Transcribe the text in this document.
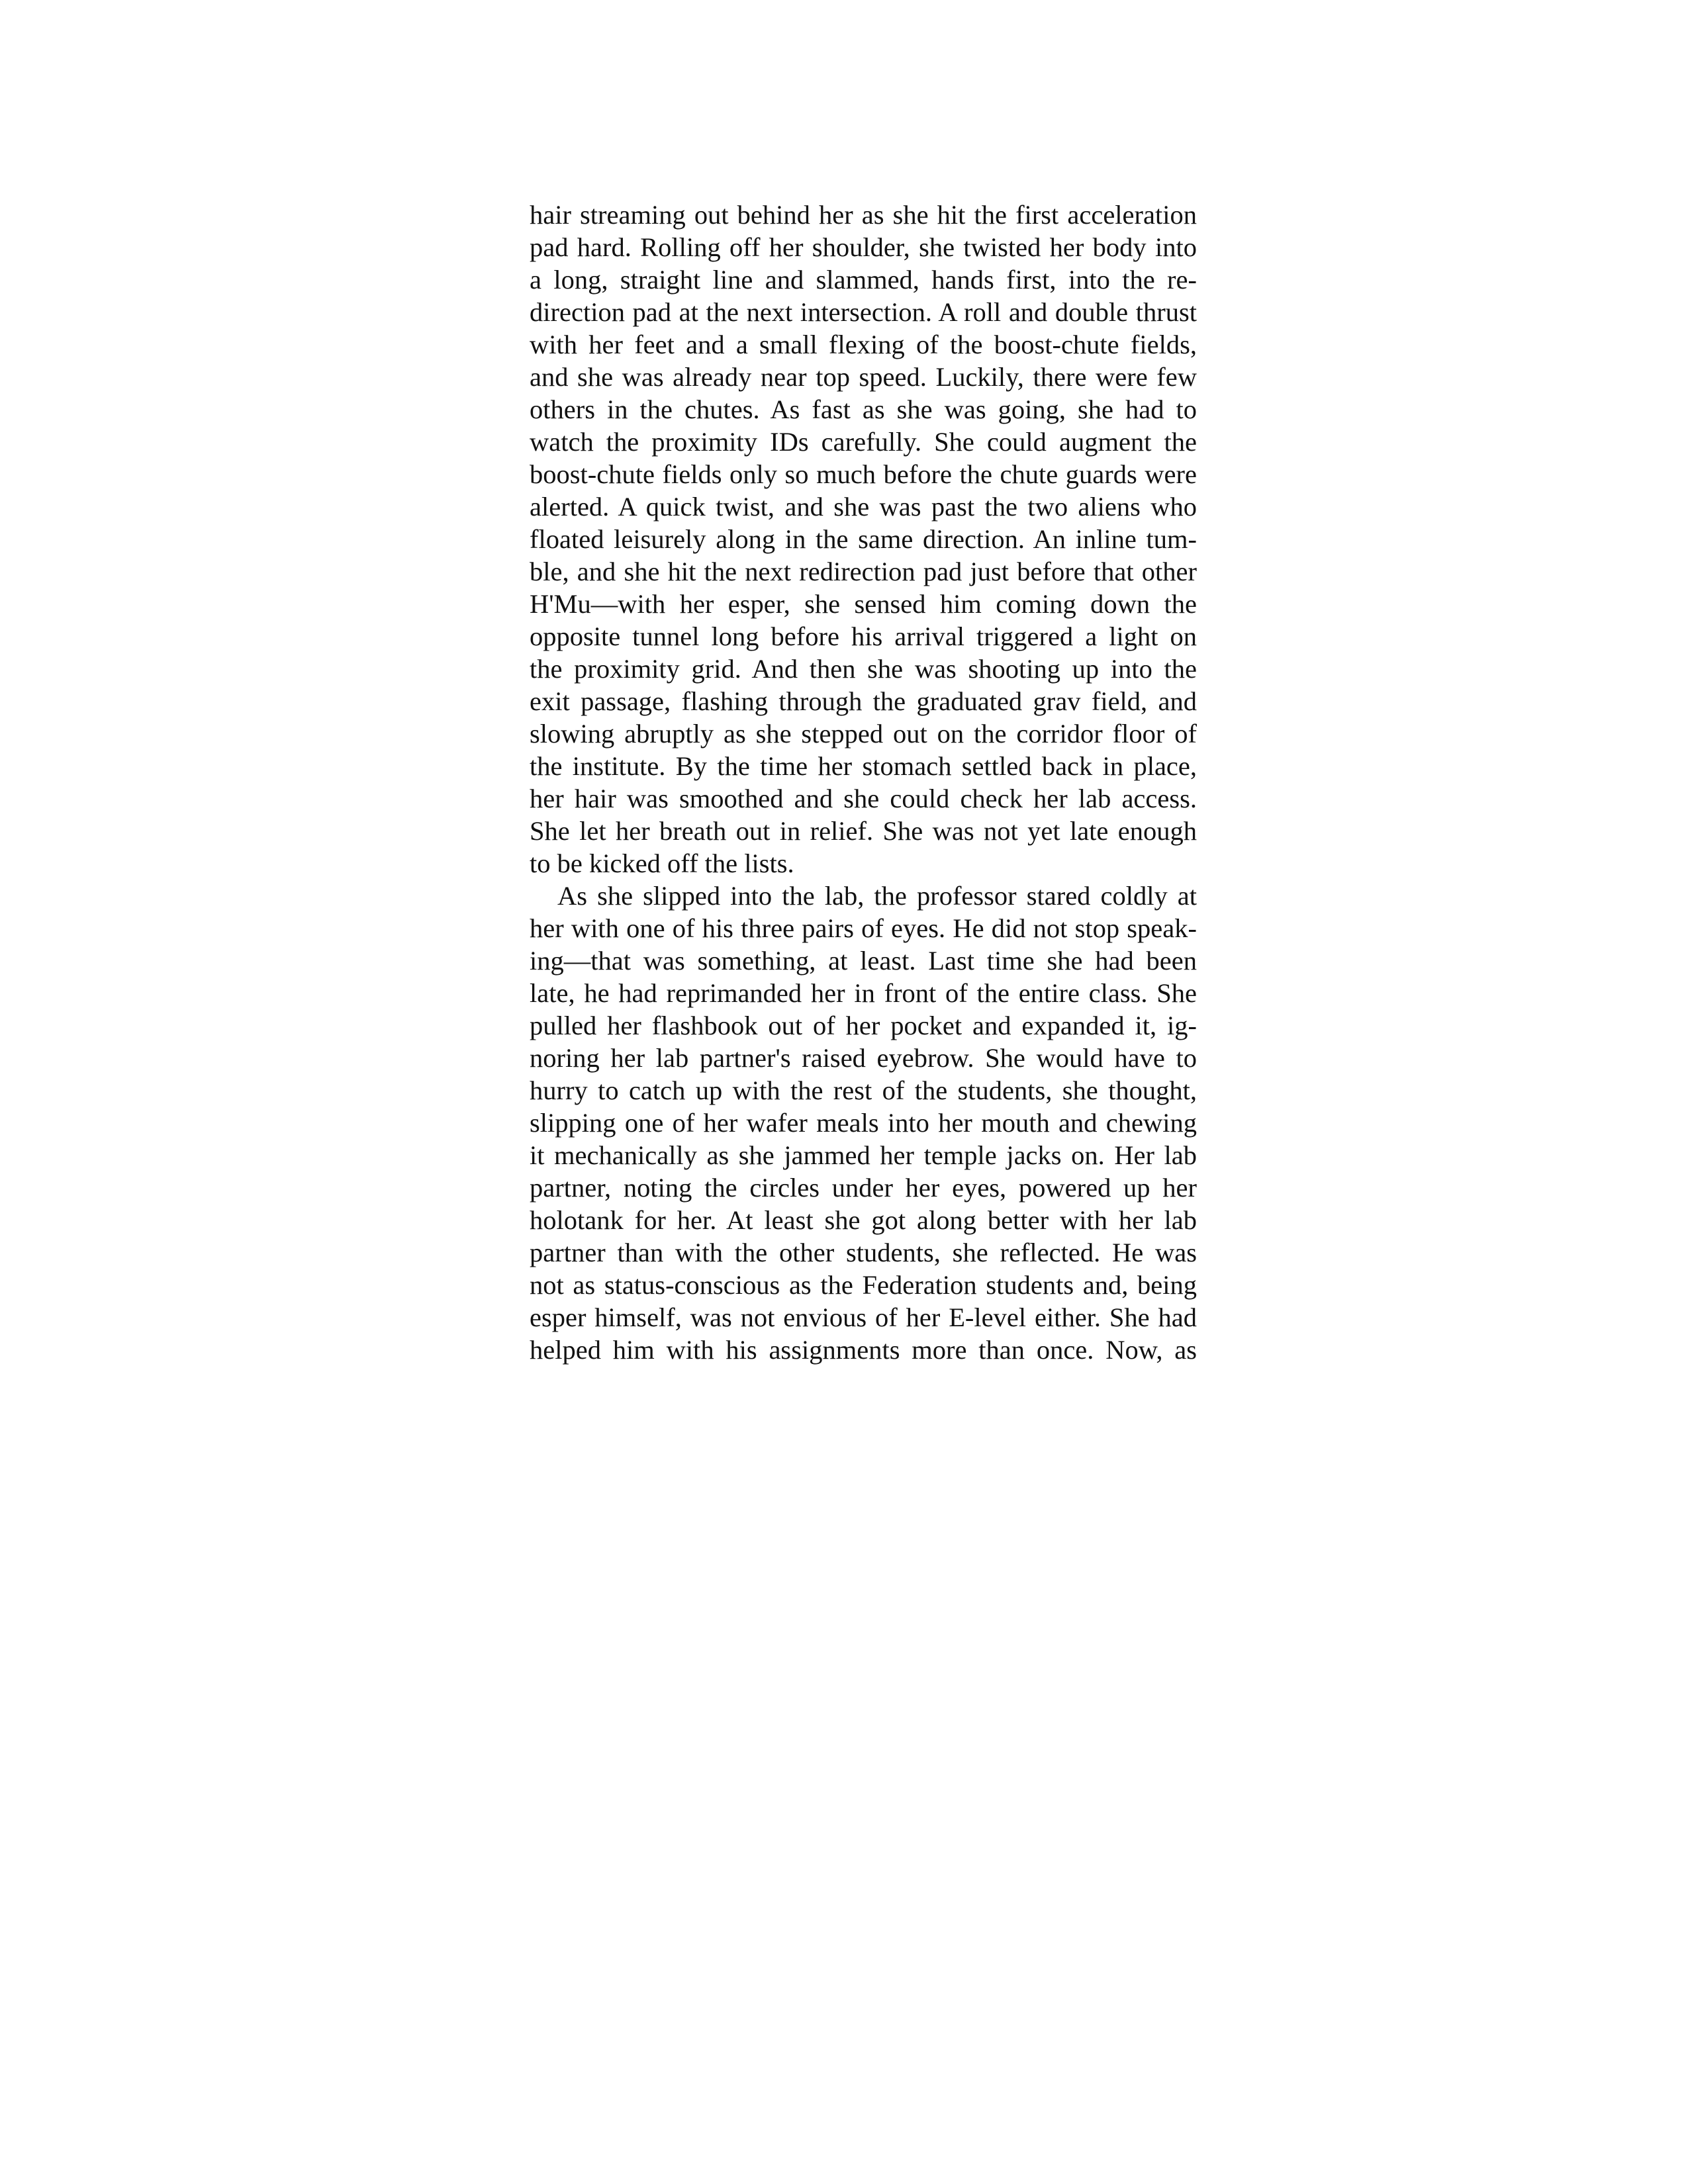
hair streaming out behind her as she hit the first acceleration
pad hard. Rolling off her shoulder, she twisted her body into
a long, straight line and slammed, hands first, into the re-
direction pad at the next intersection. A roll and double thrust
with her feet and a small flexing of the boost-chute fields,
and she was already near top speed. Luckily, there were few
others in the chutes. As fast as she was going, she had to
watch the proximity IDs carefully. She could augment the
boost-chute fields only so much before the chute guards were
alerted. A quick twist, and she was past the two aliens who
floated leisurely along in the same direction. An inline tum-
ble, and she hit the next redirection pad just before that other
H'Mu—with her esper, she sensed him coming down the
opposite tunnel long before his arrival triggered a light on
the proximity grid. And then she was shooting up into the
exit passage, flashing through the graduated grav field, and
slowing abruptly as she stepped out on the corridor floor of
the institute. By the time her stomach settled back in place,
her hair was smoothed and she could check her lab access.
She let her breath out in relief. She was not yet late enough
to be kicked off the lists.
As she slipped into the lab, the professor stared coldly at
her with one of his three pairs of eyes. He did not stop speak-
ing—that was something, at least. Last time she had been
late, he had reprimanded her in front of the entire class. She
pulled her flashbook out of her pocket and expanded it, ig-
noring her lab partner's raised eyebrow. She would have to
hurry to catch up with the rest of the students, she thought,
slipping one of her wafer meals into her mouth and chewing
it mechanically as she jammed her temple jacks on. Her lab
partner, noting the circles under her eyes, powered up her
holotank for her. At least she got along better with her lab
partner than with the other students, she reflected. He was
not as status-conscious as the Federation students and, being
esper himself, was not envious of her E-level either. She had
helped him with his assignments more than once. Now, as
